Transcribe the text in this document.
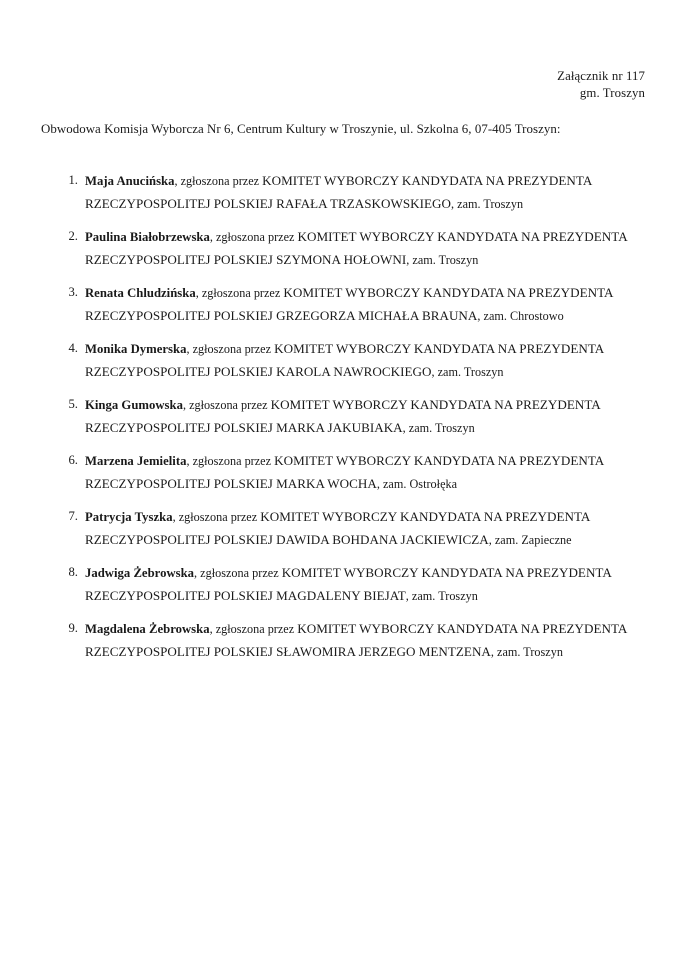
Załącznik nr 117
gm. Troszyn
Obwodowa Komisja Wyborcza Nr 6, Centrum Kultury w Troszynie, ul. Szkolna 6, 07-405 Troszyn:
1. Maja Anucińska, zgłoszona przez KOMITET WYBORCZY KANDYDATA NA PREZYDENTA RZECZYPOSPOLITEJ POLSKIEJ RAFAŁA TRZASKOWSKIEGO, zam. Troszyn
2. Paulina Białobrzewska, zgłoszona przez KOMITET WYBORCZY KANDYDATA NA PREZYDENTA RZECZYPOSPOLITEJ POLSKIEJ SZYMONA HOŁOWNI, zam. Troszyn
3. Renata Chludzińska, zgłoszona przez KOMITET WYBORCZY KANDYDATA NA PREZYDENTA RZECZYPOSPOLITEJ POLSKIEJ GRZEGORZA MICHAŁA BRAUNA, zam. Chrostowo
4. Monika Dymerska, zgłoszona przez KOMITET WYBORCZY KANDYDATA NA PREZYDENTA RZECZYPOSPOLITEJ POLSKIEJ KAROLA NAWROCKIEGO, zam. Troszyn
5. Kinga Gumowska, zgłoszona przez KOMITET WYBORCZY KANDYDATA NA PREZYDENTA RZECZYPOSPOLITEJ POLSKIEJ MARKA JAKUBIAKA, zam. Troszyn
6. Marzena Jemielita, zgłoszona przez KOMITET WYBORCZY KANDYDATA NA PREZYDENTA RZECZYPOSPOLITEJ POLSKIEJ MARKA WOCHA, zam. Ostrołęka
7. Patrycja Tyszka, zgłoszona przez KOMITET WYBORCZY KANDYDATA NA PREZYDENTA RZECZYPOSPOLITEJ POLSKIEJ DAWIDA BOHDANA JACKIEWICZA, zam. Zapieczne
8. Jadwiga Żebrowska, zgłoszona przez KOMITET WYBORCZY KANDYDATA NA PREZYDENTA RZECZYPOSPOLITEJ POLSKIEJ MAGDALENY BIEJAT, zam. Troszyn
9. Magdalena Żebrowska, zgłoszona przez KOMITET WYBORCZY KANDYDATA NA PREZYDENTA RZECZYPOSPOLITEJ POLSKIEJ SŁAWOMIRA JERZEGO MENTZENA, zam. Troszyn
